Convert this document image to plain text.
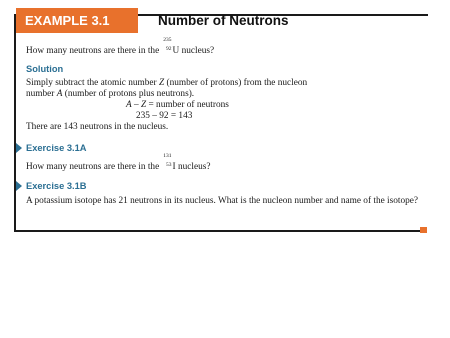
EXAMPLE 3.1	Number of Neutrons
How many neutrons are there in the
235
92 U nucleus?
Solution
Simply subtract the atomic number Z (number of protons) from the nucleon
number A (number of protons plus neutrons).
A – Z = number of neutrons
235 – 92 = 143
There are 143 neutrons in the nucleus.
Exercise 3.1A
How many neutrons are there in the
131
53 I nucleus?
Exercise 3.1B
A potassium isotope has 21 neutrons in its nucleus. What is the nucleon number and name of the isotope?
